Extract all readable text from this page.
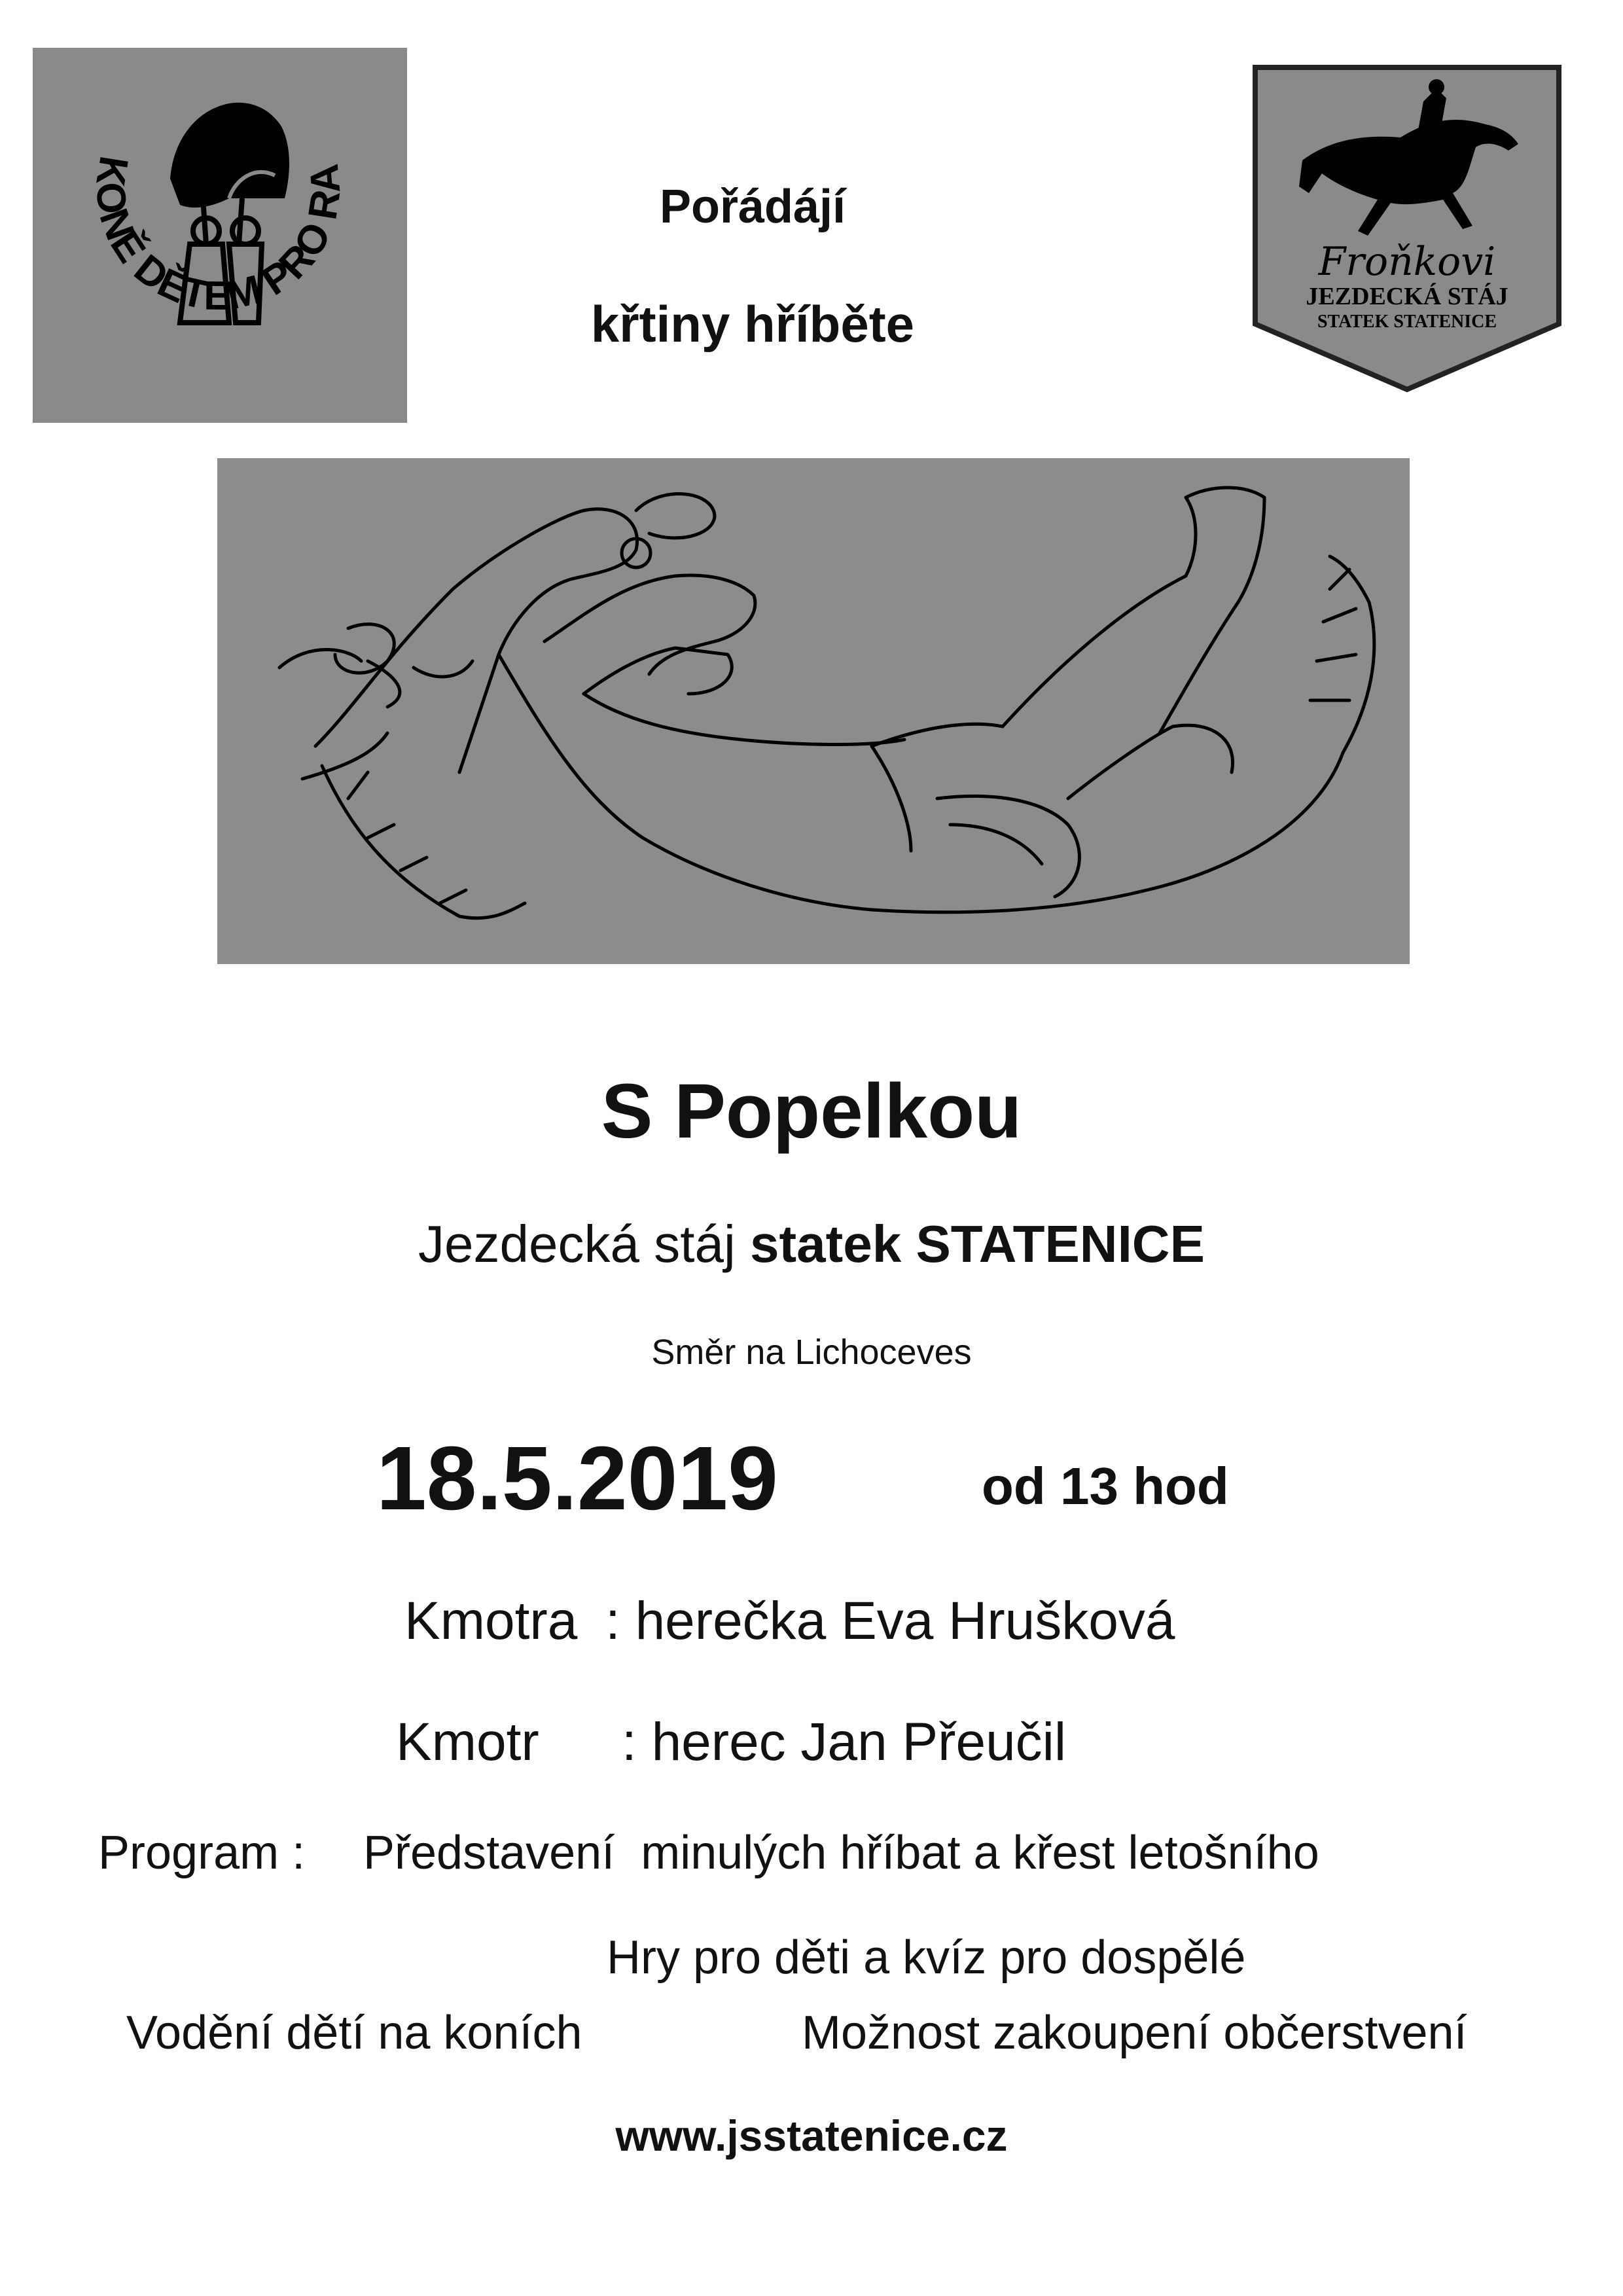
KONĚ DĚTEM PRO RA
Pořádájí
křtiny hříběte
Froňkovi
JEZDECKÁ STÁJ
STATEK STATENICE
S Popelkou
Jezdecká stáj statek STATENICE
Směr na Lichoceves
18.5.2019	od 13 hod
Kmotra : herečka Eva Hrušková
Kmotr : herec Jan Přeučil
Program : Představení  minulých hříbat a křest letošního
Hry pro děti a kvíz pro dospělé
Vodění dětí na koních	Možnost zakoupení občerstvení
www.jsstatenice.cz
